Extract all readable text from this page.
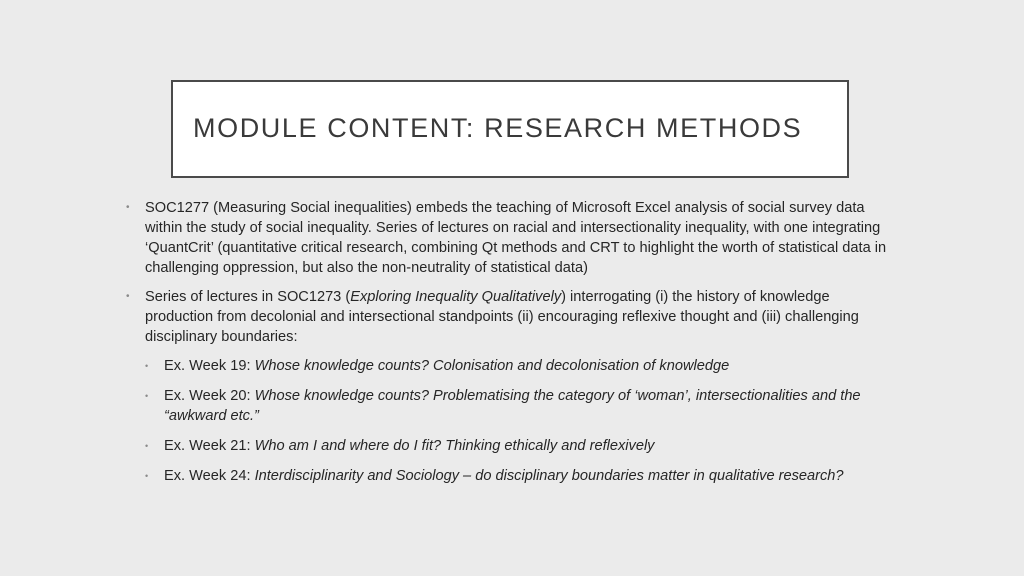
MODULE CONTENT: RESEARCH METHODS
•	SOC1277 (Measuring Social inequalities) embeds the teaching of Microsoft Excel analysis of social survey data within the study of social inequality. Series of lectures on racial and intersectionality inequality, with one integrating ‘QuantCrit’ (quantitative critical research, combining Qt methods and CRT to highlight the worth of statistical data in challenging oppression, but also the non-neutrality of statistical data)
•	Series of lectures in SOC1273 (Exploring Inequality Qualitatively) interrogating (i) the history of knowledge production from decolonial and intersectional standpoints (ii) encouraging reflexive thought and (iii) challenging disciplinary boundaries:
•	Ex. Week 19: Whose knowledge counts? Colonisation and decolonisation of knowledge
•	Ex. Week 20: Whose knowledge counts? Problematising the category of ‘woman’, intersectionalities and the “awkward etc.”
•	Ex. Week 21: Who am I and where do I fit? Thinking ethically and reflexively
•	Ex. Week 24: Interdisciplinarity and Sociology – do disciplinary boundaries matter in qualitative research?
